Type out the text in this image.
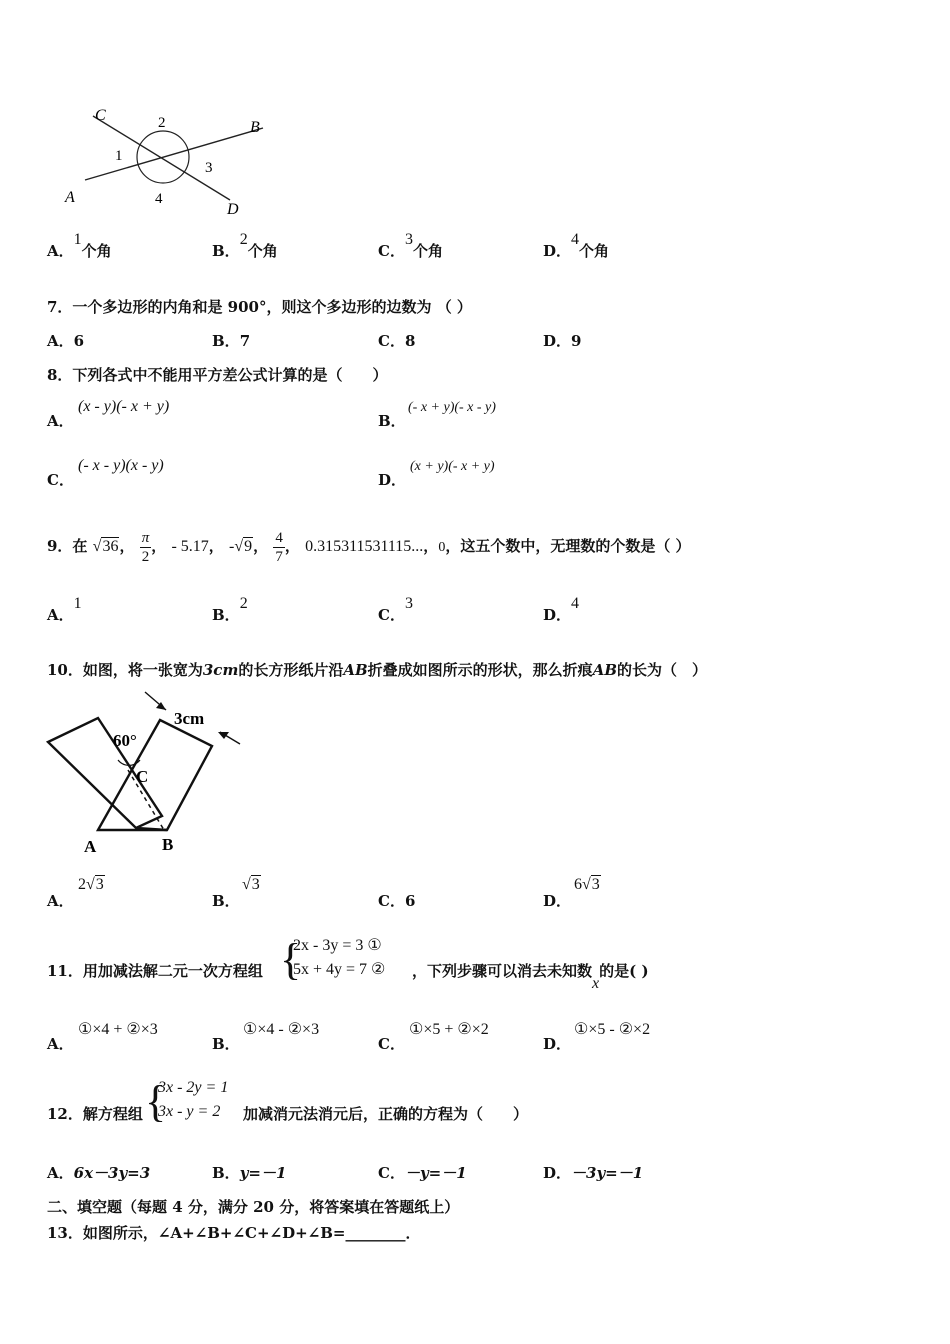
C
B
A
D
1
2
3
4
A．1个角	B．2个角	C．3个角	D．4个角
7．一个多边形的内角和是 900°，则这个多边形的边数为 （ ）
A．6	B．7	C．8	D．9
8．下列各式中不能用平方差公式计算的是（　　）
A．
(x - y)(- x + y)
B．
(- x + y)(- x - y)
C．
(- x - y)(x - y)
D．
(x + y)(- x + y)
9．在 √36， $\frac{\pi}{2}$ ， - 5.17， -√9， $\frac{4}{7}$ ， 0.315311531115...，0，这五个数中，无理数的个数是（ ）
A．1
B．2
C．3
D．4
10．如图，将一张宽为3cm的长方形纸片沿AB折叠成如图所示的形状，那么折痕AB的长为（　）
60°
3cm
C
A	B
A．
2√3
B．
√3
C．6	D．
6√3
11．用加减法解二元一次方程组 {
2x - 3y = 3 ①
5x + 4y = 7 ② ，下列步骤可以消去未知数x的是( )
A．
①×4 + ②×3
B．
①×4 - ②×3
C．
①×5 + ②×2
D．
①×5 - ②×2
12．解方程组 {
3x - 2y = 1
3x - y = 2	加减消元法消元后，正确的方程为（　　）
A．6x－3y=3	B．y=－1	C．－y=－1	D．－3y=－1
二、填空题（每题 4 分，满分 20 分，将答案填在答题纸上）
13．如图所示，∠A+∠B+∠C+∠D+∠B=________．
